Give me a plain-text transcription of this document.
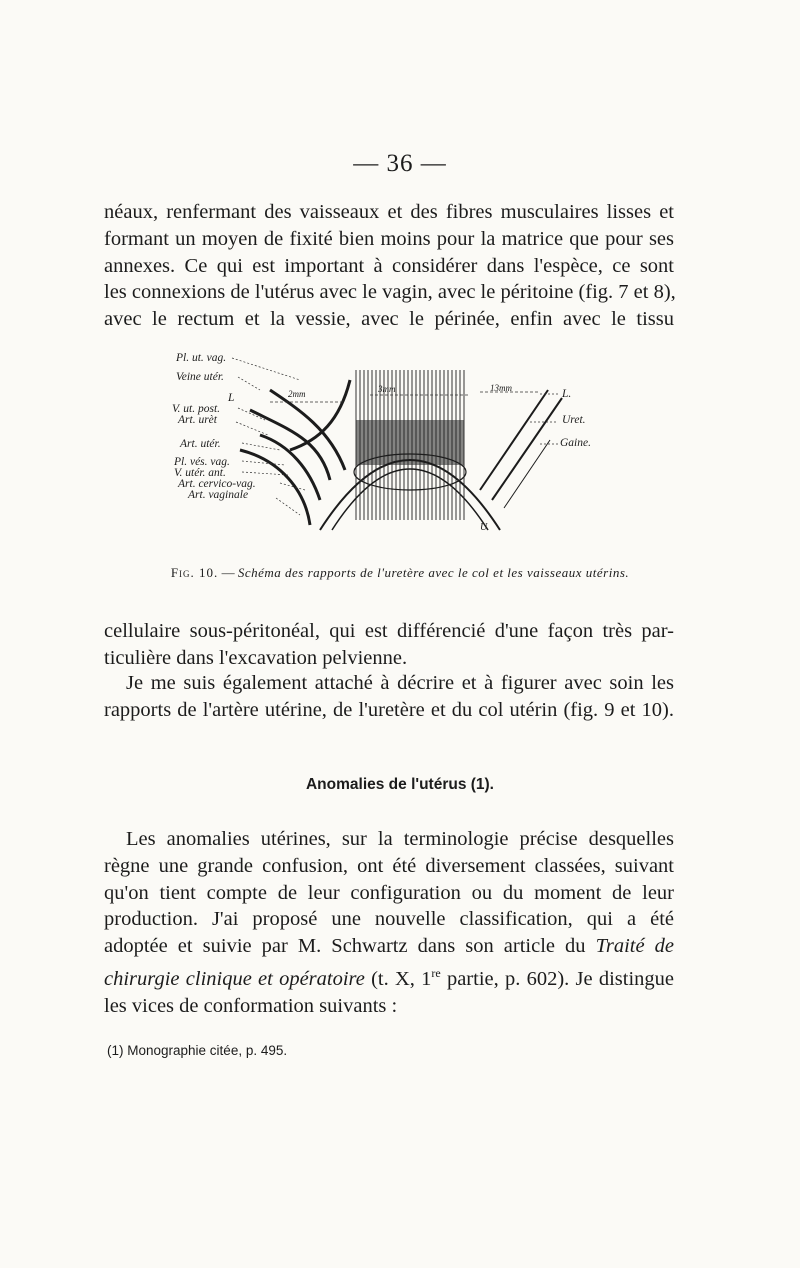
— 36 —

néaux, renfermant des vaisseaux et des fibres musculaires lisses et
formant un moyen de fixité bien moins pour la matrice que pour ses
annexes. Ce qui est important à considérer dans l'espèce, ce sont
les connexions de l'utérus avec le vagin, avec le péritoine (fig. 7 et 8),
avec le rectum et la vessie, avec le périnée, enfin avec le tissu

Pl. ut. vag.
Veine utér.
L
V. ut. post.
Art. urèt
Art. utér.
Pl. vés. vag.
V. utér. ant.
Art. cervico-vag.
Art. vaginale
L.
Uret.
Gaine.
2mm	3mm	13mm
U
Fig. 10. — Schéma des rapports de l'uretère avec le col et les vaisseaux utérins.

cellulaire sous-péritonéal, qui est différencié d'une façon très par-
ticulière dans l'excavation pelvienne.

Je me suis également attaché à décrire et à figurer avec soin les
rapports de l'artère utérine, de l'uretère et du col utérin (fig. 9 et 10).

Anomalies de l'utérus (1).

Les anomalies utérines, sur la terminologie précise desquelles
règne une grande confusion, ont été diversement classées, suivant
qu'on tient compte de leur configuration ou du moment de leur
production. J'ai proposé une nouvelle classification, qui a été
adoptée et suivie par M. Schwartz dans son article du Traité de
chirurgie clinique et opératoire (t. X, 1re partie, p. 602). Je distingue
les vices de conformation suivants :

(1) Monographie citée, p. 495.
